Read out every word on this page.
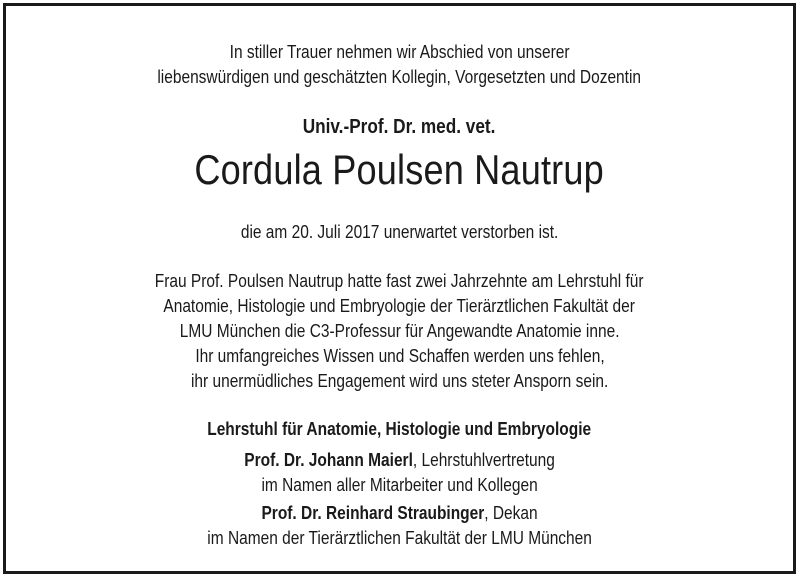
In stiller Trauer nehmen wir Abschied von unserer
liebenswürdigen und geschätzten Kollegin, Vorgesetzten und Dozentin
Univ.-Prof. Dr. med. vet.
Cordula Poulsen Nautrup
die am 20. Juli 2017 unerwartet verstorben ist.
Frau Prof. Poulsen Nautrup hatte fast zwei Jahrzehnte am Lehrstuhl für
Anatomie, Histologie und Embryologie der Tierärztlichen Fakultät der
LMU München die C3-Professur für Angewandte Anatomie inne.
Ihr umfangreiches Wissen und Schaffen werden uns fehlen,
ihr unermüdliches Engagement wird uns steter Ansporn sein.
Lehrstuhl für Anatomie, Histologie und Embryologie
Prof. Dr. Johann Maierl, Lehrstuhlvertretung
im Namen aller Mitarbeiter und Kollegen
Prof. Dr. Reinhard Straubinger, Dekan
im Namen der Tierärztlichen Fakultät der LMU München
